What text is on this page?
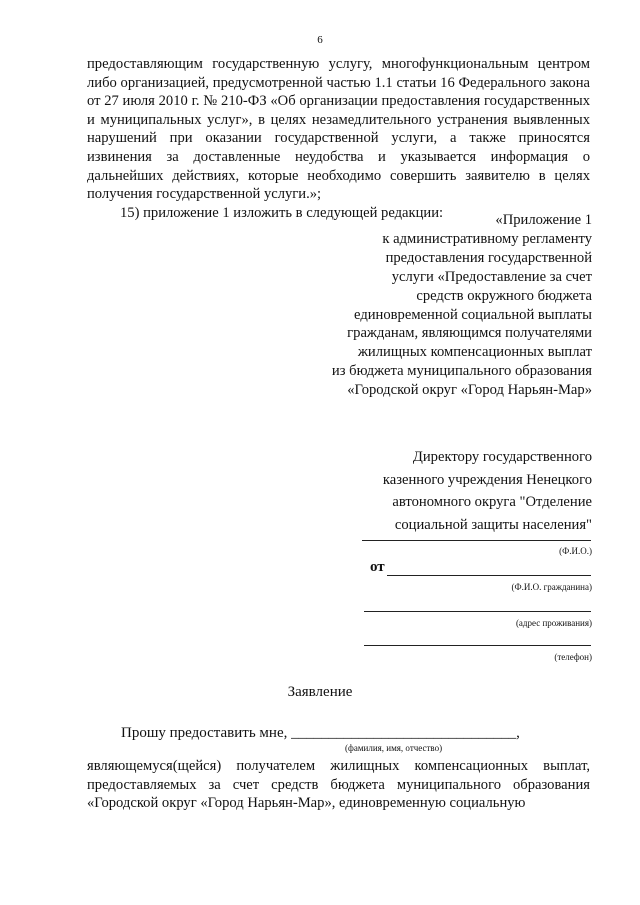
6

предоставляющим государственную услугу, многофункциональным центром либо организацией, предусмотренной частью 1.1 статьи 16 Федерального закона от 27 июля 2010 г. № 210-ФЗ «Об организации предоставления государственных и муниципальных услуг», в целях незамедлительного устранения выявленных нарушений при оказании государственной услуги, а также приносятся извинения за доставленные неудобства и указывается информация о дальнейших действиях, которые необходимо совершить заявителю в целях получения государственной услуги.»;

15) приложение 1 изложить в следующей редакции:	«Приложение 1
к административному регламенту
предоставления государственной
услуги «Предоставление за счет
средств окружного бюджета
единовременной социальной выплаты
гражданам, являющимся получателями
жилищных компенсационных выплат
из бюджета муниципального образования
«Городской округ «Город Нарьян-Мар»
Директору государственного
казенного учреждения Ненецкого
автономного округа "Отделение
социальной защиты населения"
(Ф.И.О.)
от
(Ф.И.О. гражданина)
(адрес проживания)
(телефон)
Заявление
Прошу предоставить мне, ______________________________,
(фамилия, имя, отчество)

являющемуся(щейся) получателем жилищных компенсационных выплат, предоставляемых за счет средств бюджета муниципального образования «Городской округ «Город Нарьян-Мар», единовременную социальную
